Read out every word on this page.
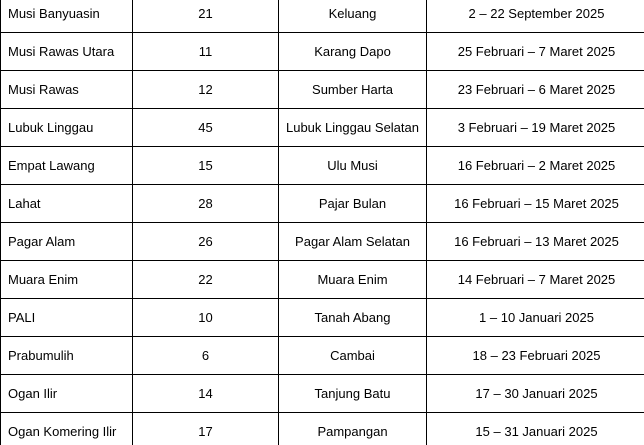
Musi Banyuasin	21	Keluang	2 – 22 September 2025
Musi Rawas Utara	11	Karang Dapo	25 Februari – 7 Maret 2025
Musi Rawas	12	Sumber Harta	23 Februari – 6 Maret 2025
Lubuk Linggau	45	Lubuk Linggau Selatan	3 Februari – 19 Maret 2025
Empat Lawang	15	Ulu Musi	16 Februari – 2 Maret 2025
Lahat	28	Pajar Bulan	16 Februari – 15 Maret 2025
Pagar Alam	26	Pagar Alam Selatan	16 Februari – 13 Maret 2025
Muara Enim	22	Muara Enim	14 Februari – 7 Maret 2025
PALI	10	Tanah Abang	1 – 10 Januari 2025
Prabumulih	6	Cambai	18 – 23 Februari 2025
Ogan Ilir	14	Tanjung Batu	17 – 30 Januari 2025
Ogan Komering Ilir	17	Pampangan	15 – 31 Januari 2025
